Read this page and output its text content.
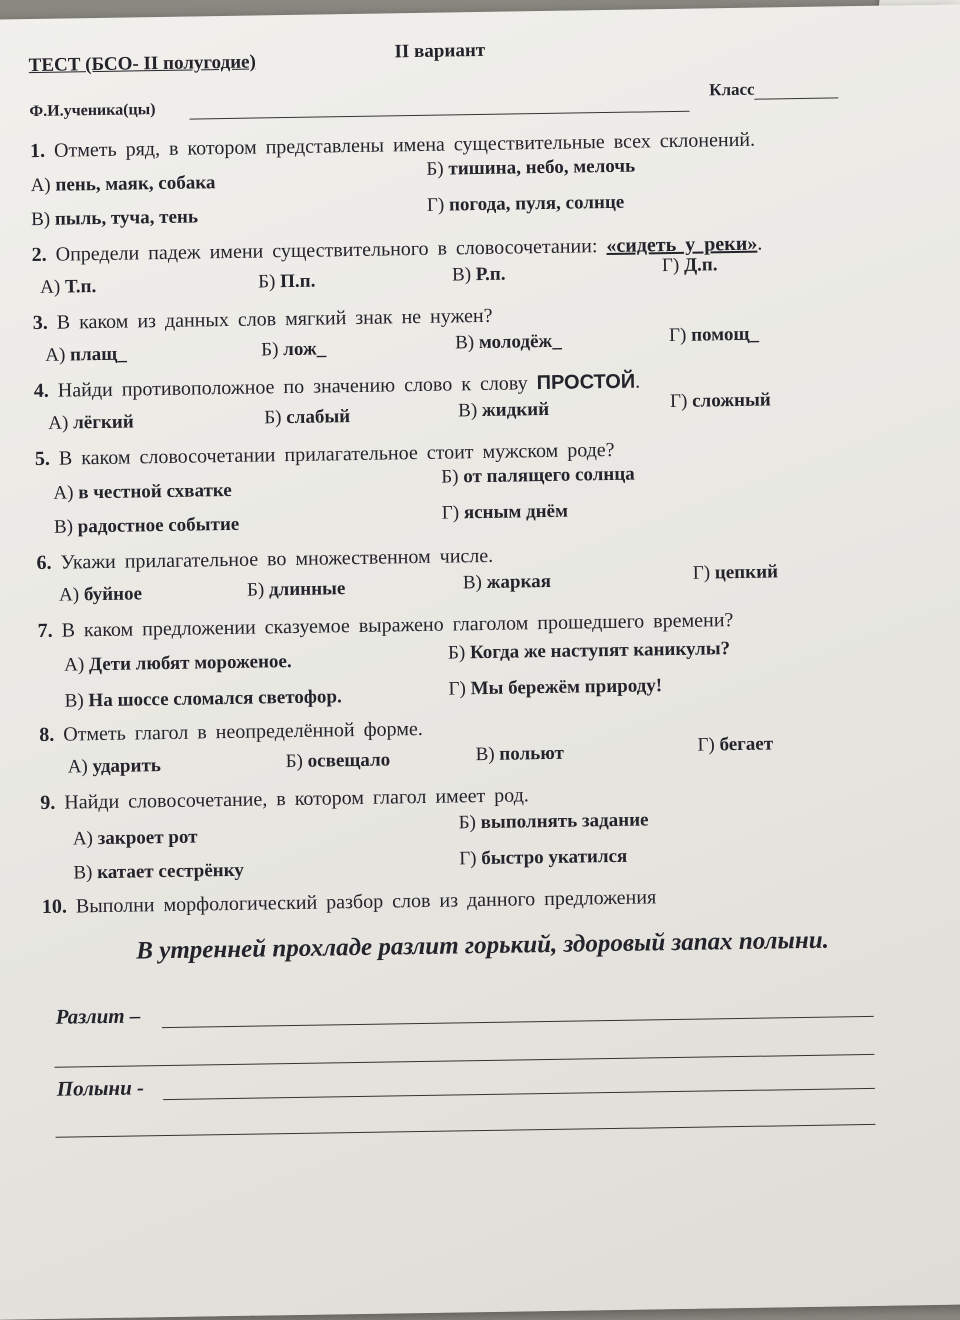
ТЕСТ (БСО- II полугодие)
II вариант
Класс
Ф.И.ученика(цы)
1. Отметь ряд, в котором представлены имена существительные всех склонений.
А) пень, маяк, собака
Б) тишина, небо, мелочь
В) пыль, туча, тень
Г) погода, пуля, солнце
2. Определи падеж имени существительного в словосочетании: «сидеть у реки».
А) Т.п.	Б) П.п.	В) Р.п.	Г) Д.п.
3. В каком из данных слов мягкий знак не нужен?
А) плащ_	Б) лож_	В) молодёж_	Г) помощ_
4. Найди противоположное по значению слово к слову ПРОСТОЙ.
А) лёгкий	Б) слабый	В) жидкий	Г) сложный
5. В каком словосочетании прилагательное стоит мужском роде?
А) в честной схватке
Б) от палящего солнца
В) радостное событие
Г) ясным днём
6. Укажи прилагательное во множественном числе.
А) буйное	Б) длинные	В) жаркая	Г) цепкий
7. В каком предложении сказуемое выражено глаголом прошедшего времени?
А) Дети любят мороженое.	Б) Когда же наступят каникулы?
В) На шоссе сломался светофор.	Г) Мы бережём природу!
8. Отметь глагол в неопределённой форме.
А) ударить	Б) освещало	В) польют	Г) бегает
9. Найди словосочетание, в котором глагол имеет род.
А) закроет рот
Б) выполнять задание
В) катает сестрёнку
Г) быстро укатился
10. Выполни морфологический разбор слов из данного предложения
В утренней прохладе разлит горький, здоровый запах полыни.
Разлит –
Полыни -
